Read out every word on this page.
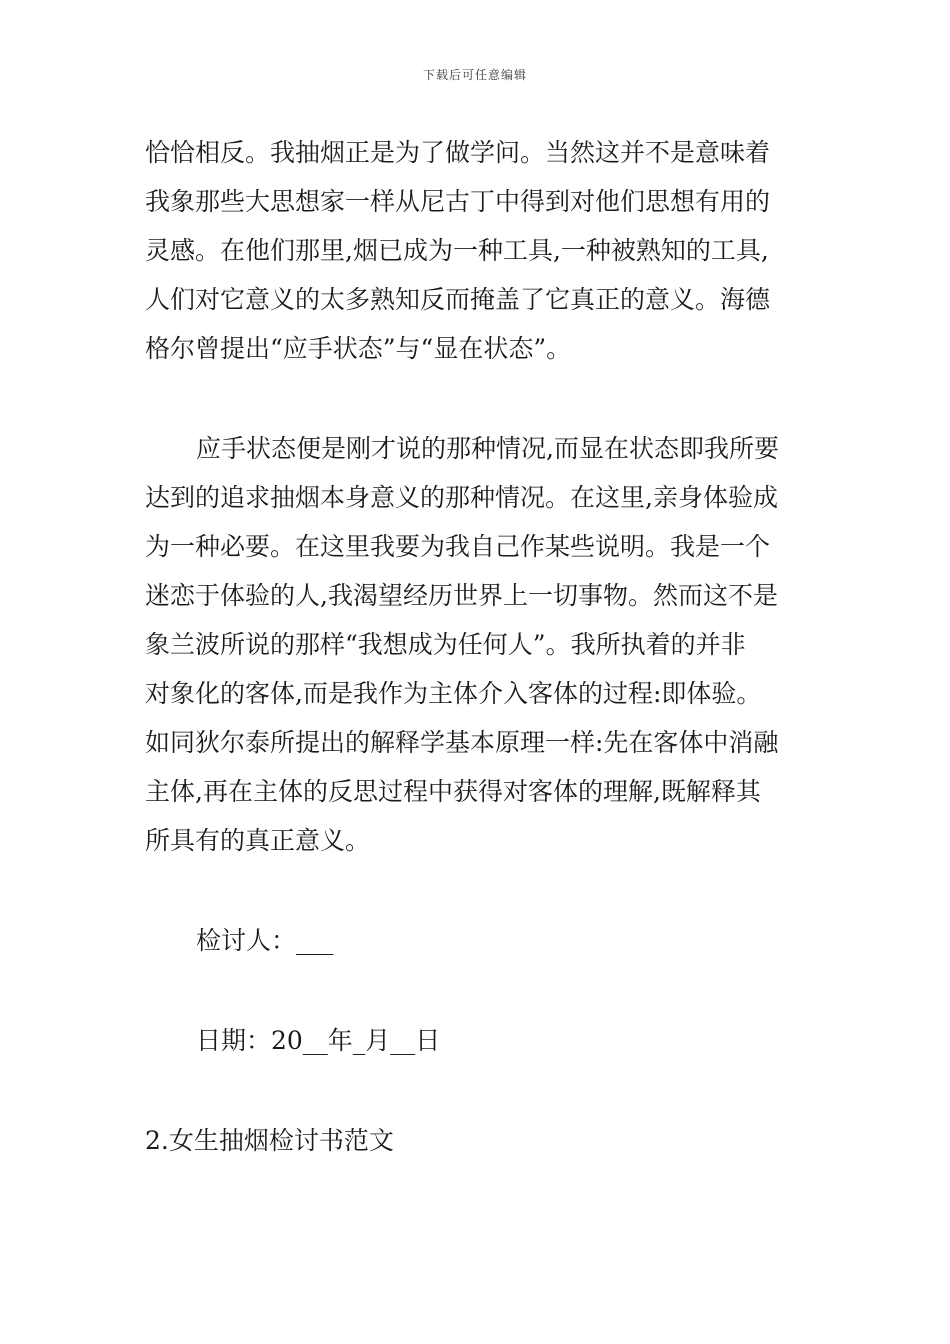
下载后可任意编辑

恰恰相反。我抽烟正是为了做学问。当然这并不是意味着

我象那些大思想家一样从尼古丁中得到对他们思想有用的

灵感。在他们那里,烟已成为一种工具,一种被熟知的工具,

人们对它意义的太多熟知反而掩盖了它真正的意义。海德

格尔曾提出“应手状态”与“显在状态”。

应手状态便是刚才说的那种情况,而显在状态即我所要

达到的追求抽烟本身意义的那种情况。在这里,亲身体验成

为一种必要。在这里我要为我自己作某些说明。我是一个

迷恋于体验的人,我渴望经历世界上一切事物。然而这不是

象兰波所说的那样“我想成为任何人”。我所执着的并非

对象化的客体,而是我作为主体介入客体的过程:即体验。

如同狄尔泰所提出的解释学基本原理一样:先在客体中消融

主体,再在主体的反思过程中获得对客体的理解,既解释其

所具有的真正意义。

检讨人：___
日期：20__年_月__日
2.女生抽烟检讨书范文
